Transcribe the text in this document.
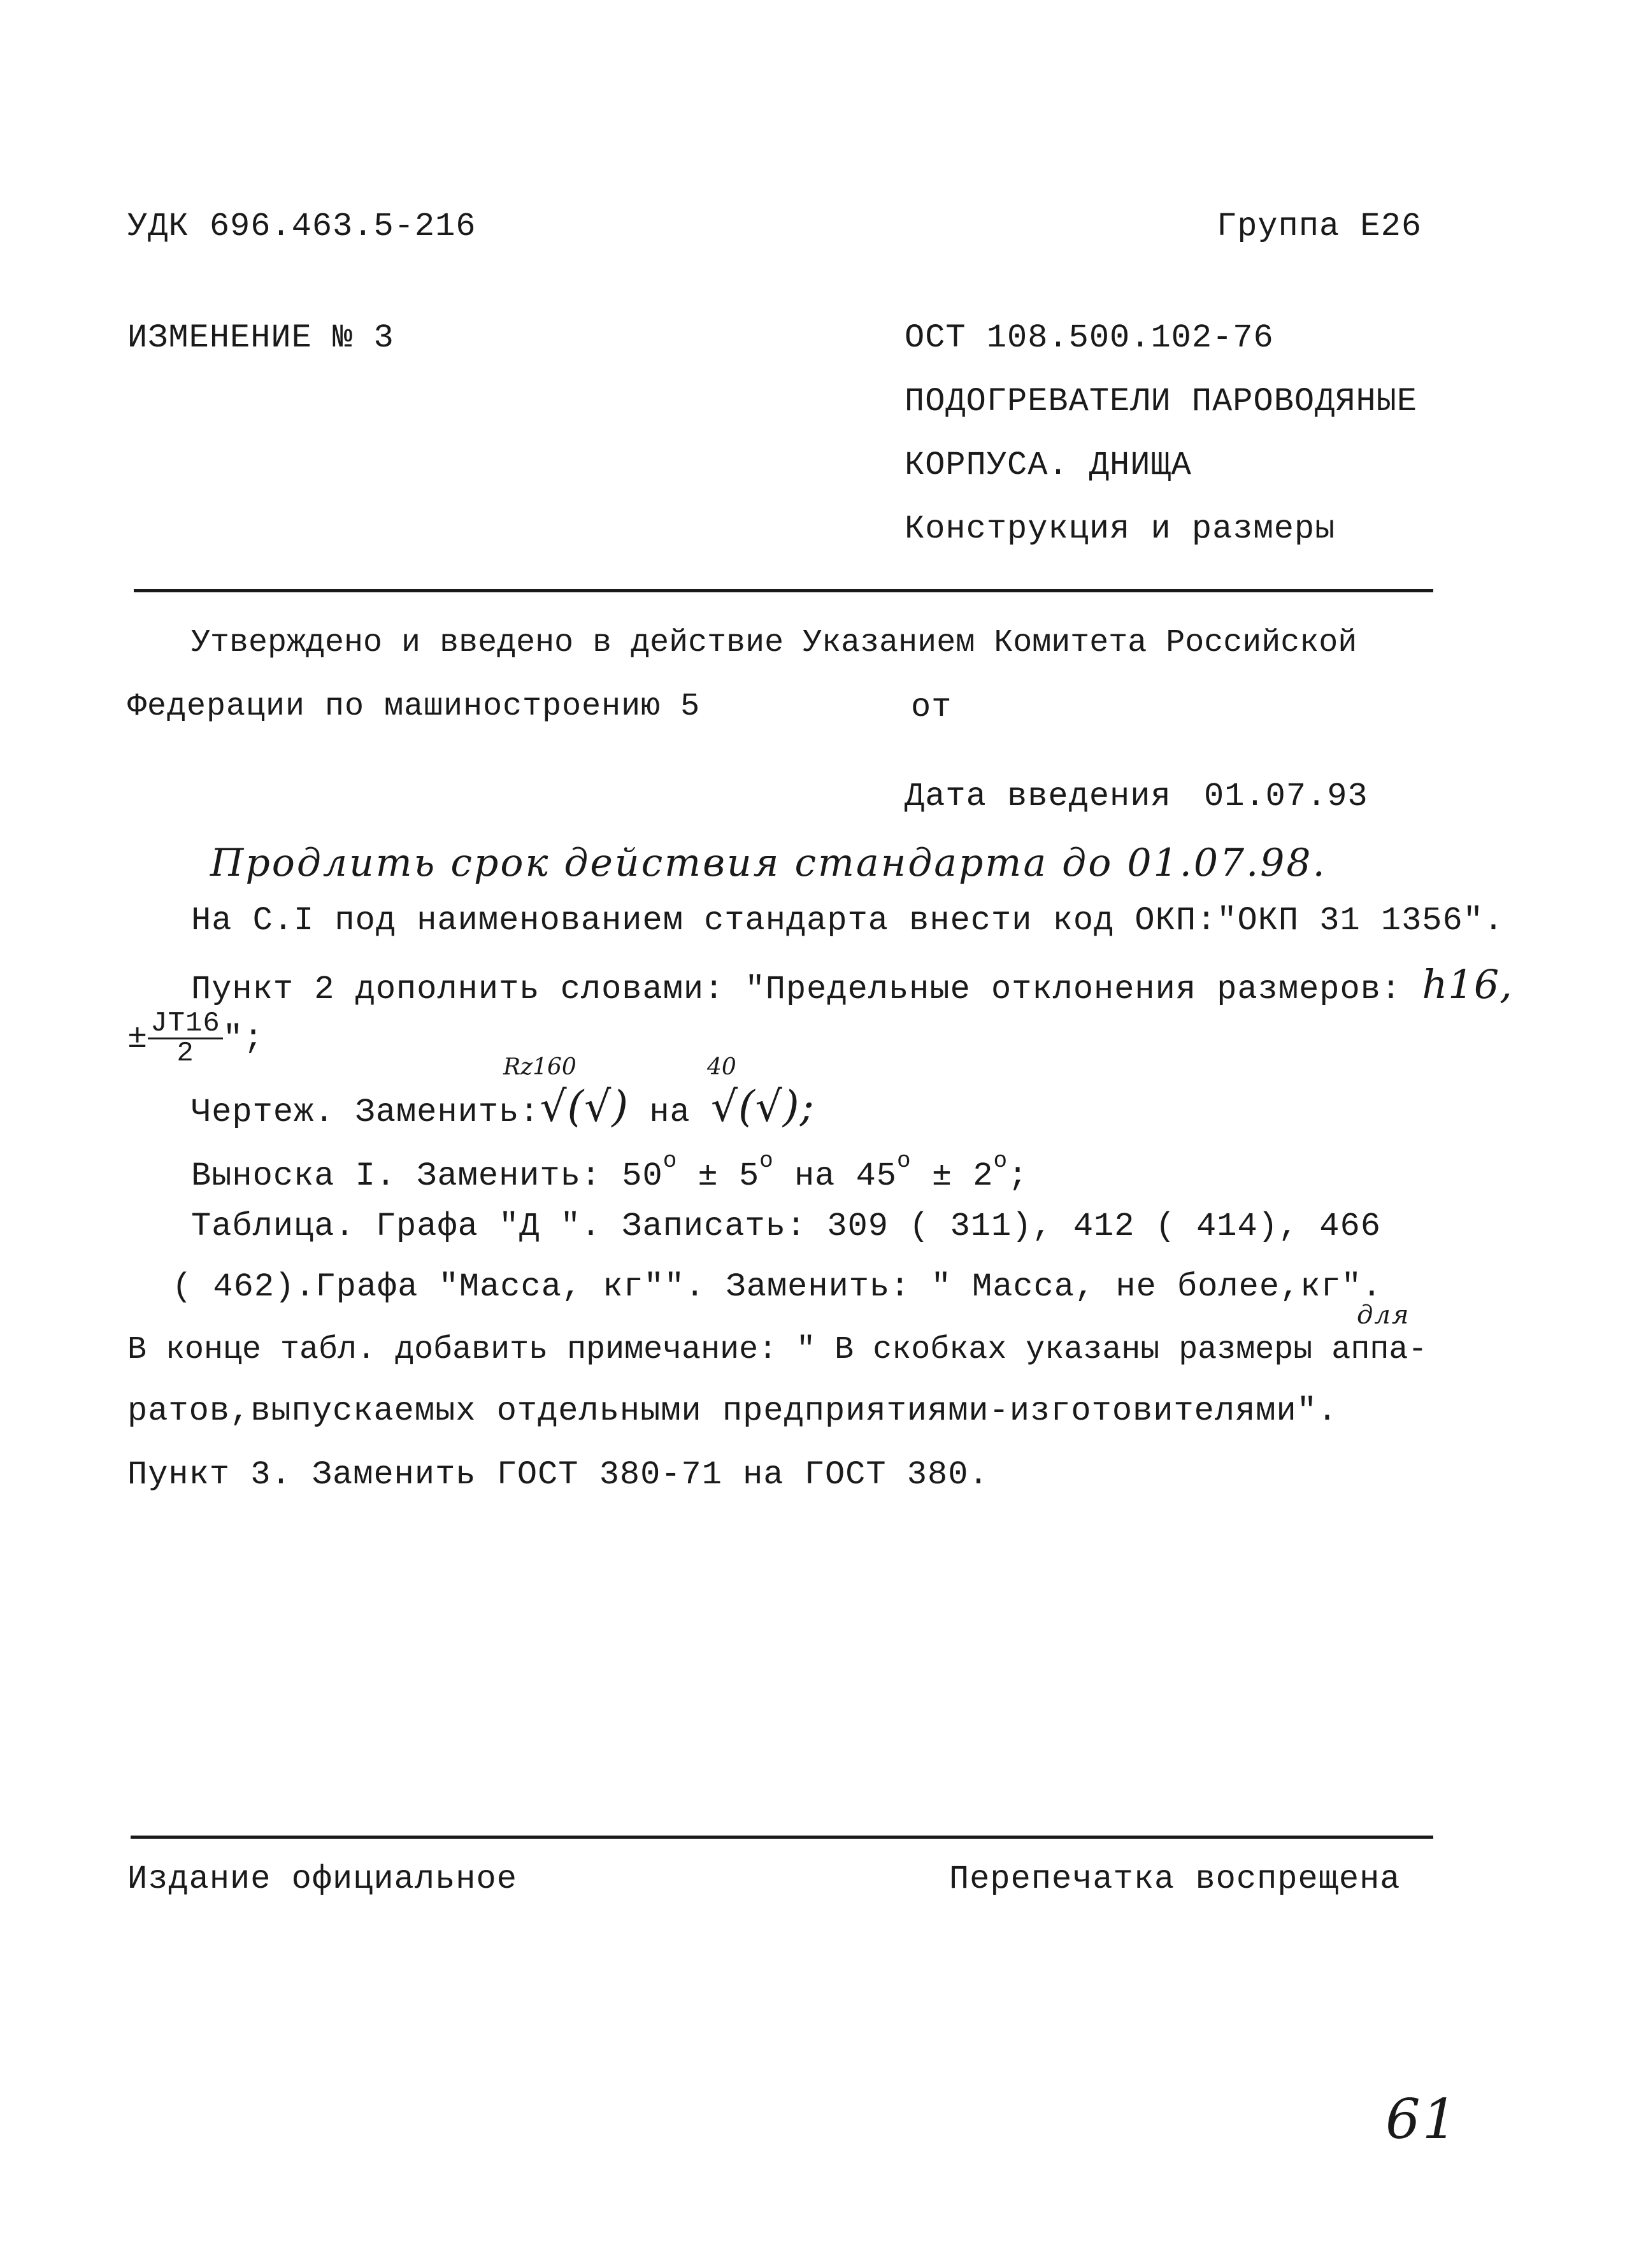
УДК 696.463.5-216	Группа Е26
ИЗМЕНЕНИЕ № 3	ОСТ 108.500.102-76
ПОДОГРЕВАТЕЛИ ПАРОВОДЯНЫЕ
КОРПУСА. ДНИЩА
Конструкция и размеры
Утверждено и введено в действие Указанием Комитета Российской
Федерации по машиностроению 5	от
Дата введения 01.07.93
Продлить срок действия стандарта до 01.07.98.
На С.I под наименованием стандарта внести код ОКП:"ОКП 31 1356".
Пункт 2 дополнить словами: "Предельные отклонения размеров: h16,
± $\frac{JT16}{2}$ ";
Rz160	40
Чертеж. Заменить:√(√) на √(√);
Выноска I. Заменить: $50^о \pm 5^о$ на $45^о \pm 2^о$;
Таблица. Графа "Д ". Записать: 309 ( 311), 412 ( 414), 466
( 462).Графа "Масса, кг"". Заменить: " Масса, не более,кг".
для
В конце табл. добавить примечание: " В скобках указаны размеры аппа-
ратов,выпускаемых отдельными предприятиями-изготовителями".
Пункт 3. Заменить ГОСТ 380-71 на ГОСТ 380.
Издание официальное	Перепечатка воспрещена
61
